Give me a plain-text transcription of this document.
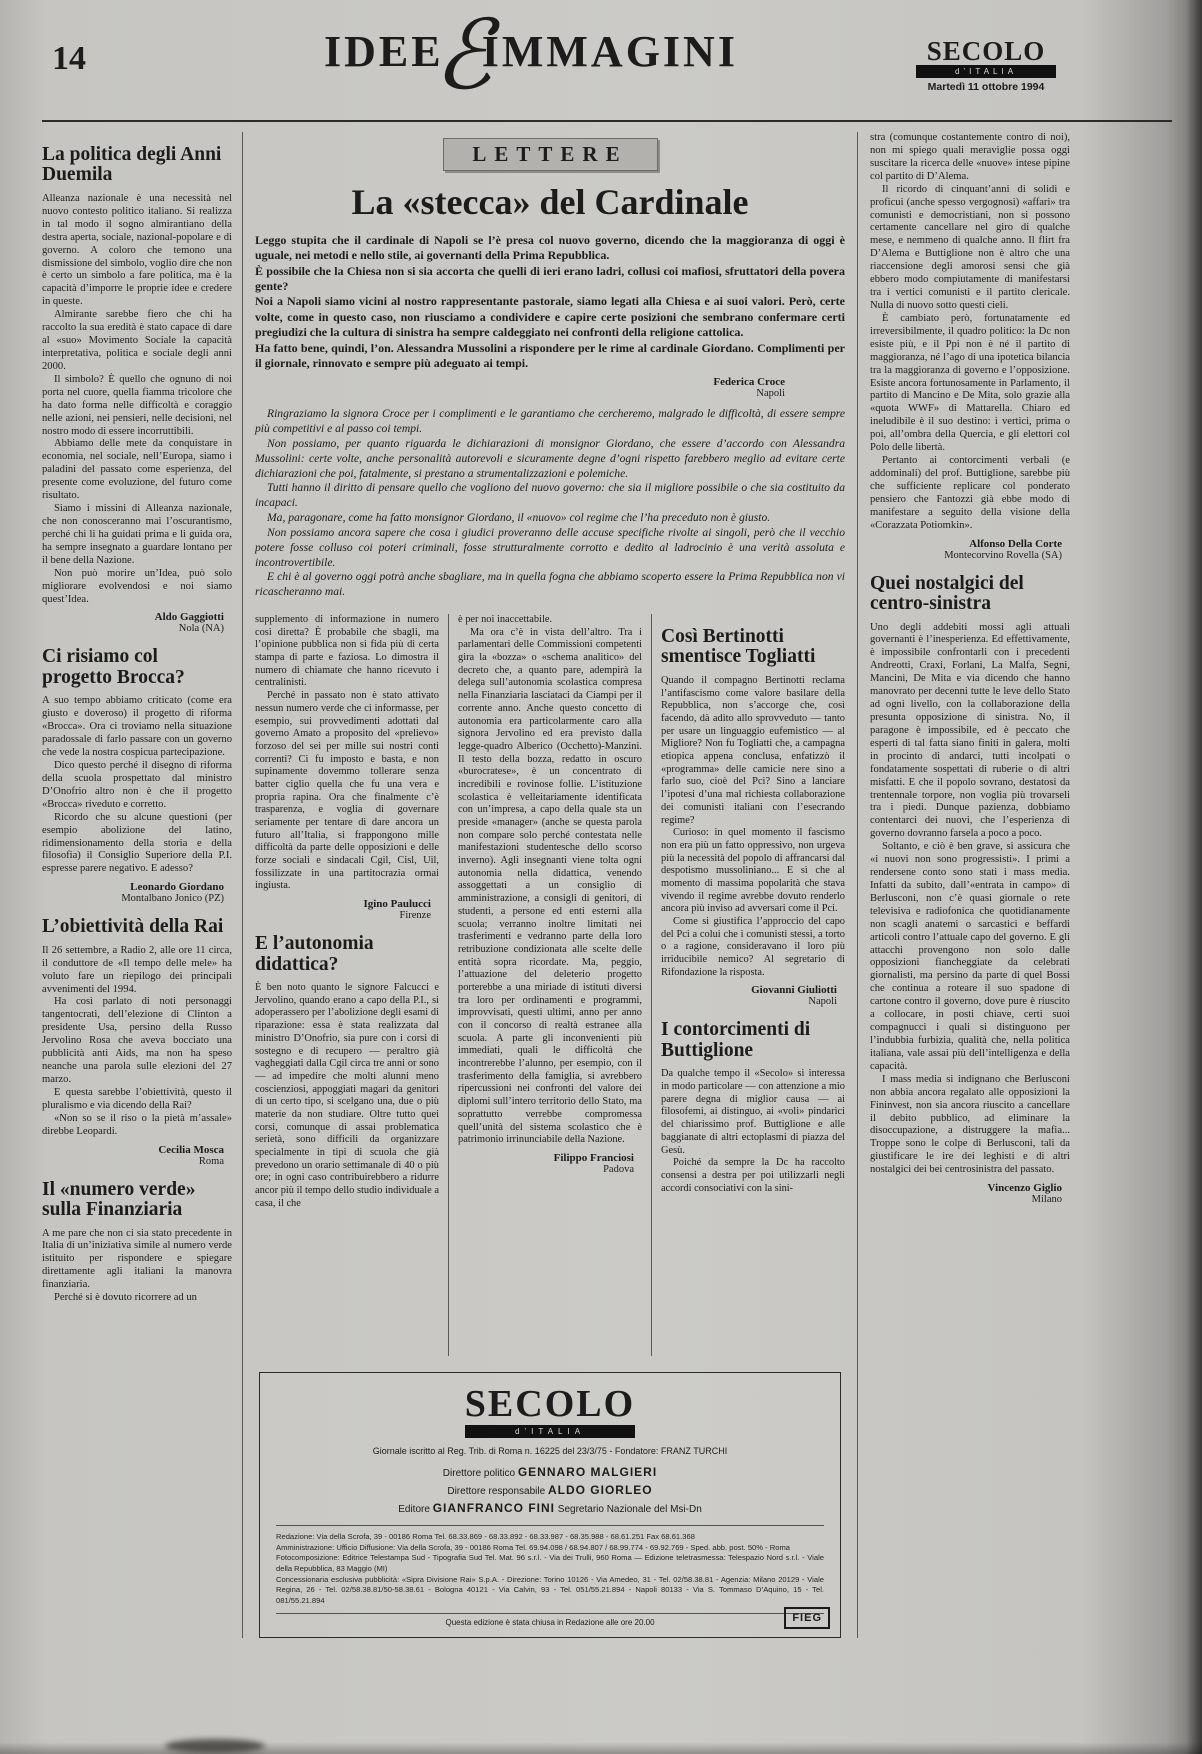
14	IDEE
ℰ
IMMAGINI	SECOLO
d’ITALIA
Martedì 11 ottobre 1994
La politica degli Anni Duemila

Alleanza nazionale è una necessità nel nuovo contesto politico italiano. Si realizza in tal modo il sogno almirantiano della destra aperta, sociale, nazional-popolare e di governo. A coloro che temono una dismissione del simbolo, voglio dire che non è certo un simbolo a fare politica, ma è la capacità d’imporre le proprie idee e credere in queste.

Almirante sarebbe fiero che chi ha raccolto la sua eredità è stato capace di dare al «suo» Movimento Sociale la capacità interpretativa, politica e sociale degli anni 2000.

Il simbolo? È quello che ognuno di noi porta nel cuore, quella fiamma tricolore che ha dato forma nelle difficoltà e coraggio nelle azioni, nei pensieri, nelle decisioni, nel nostro modo di essere incorruttibili.

Abbiamo delle mete da conquistare in economia, nel sociale, nell’Europa, siamo i paladini del passato come esperienza, del presente come evoluzione, del futuro come risultato.

Siamo i missini di Alleanza nazionale, che non conosceranno mai l’oscurantismo, perché chi li ha guidati prima e li guida ora, ha sempre insegnato a guardare lontano per il bene della Nazione.

Non può morire un’Idea, può solo migliorare evolvendosi e noi siamo quest’Idea.

Aldo Gaggiotti
Nola (NA)
Ci risiamo col progetto Brocca?

A suo tempo abbiamo criticato (come era giusto e doveroso) il progetto di riforma «Brocca». Ora ci troviamo nella situazione paradossale di farlo passare con un governo che vede la nostra cospicua partecipazione.

Dico questo perché il disegno di riforma della scuola prospettato dal ministro D’Onofrio altro non è che il progetto «Brocca» riveduto e corretto.

Ricordo che su alcune questioni (per esempio abolizione del latino, ridimensionamento della storia e della filosofia) il Consiglio Superiore della P.I. espresse parere negativo. E adesso?

Leonardo Giordano
Montalbano Jonico (PZ)
L’obiettività della Rai

Il 26 settembre, a Radio 2, alle ore 11 circa, il conduttore de «Il tempo delle mele» ha voluto fare un riepilogo dei principali avvenimenti del 1994.

Ha così parlato di noti personaggi tangentocrati, dell’elezione di Clinton a presidente Usa, persino della Russo Jervolino Rosa che aveva bocciato una pubblicità anti Aids, ma non ha speso neanche una parola sulle elezioni del 27 marzo.

E questa sarebbe l’obiettività, questo il pluralismo e via dicendo della Rai?

«Non so se il riso o la pietà m’assale» direbbe Leopardi.

Cecilia Mosca
Roma
Il «numero verde» sulla Finanziaria

A me pare che non ci sia stato precedente in Italia di un’iniziativa simile al numero verde istituito per rispondere e spiegare direttamente agli italiani la manovra finanziaria.

Perché si è dovuto ricorrere ad un

LETTERE
La «stecca» del Cardinale

Leggo stupita che il cardinale di Napoli se l’è presa col nuovo governo, dicendo che la maggioranza di oggi è uguale, nei metodi e nello stile, ai governanti della Prima Repubblica.

È possibile che la Chiesa non si sia accorta che quelli di ieri erano ladri, collusi coi mafiosi, sfruttatori della povera gente?

Noi a Napoli siamo vicini al nostro rappresentante pastorale, siamo legati alla Chiesa e ai suoi valori. Però, certe volte, come in questo caso, non riusciamo a condividere e capire certe posizioni che sembrano confermare certi pregiudizi che la cultura di sinistra ha sempre caldeggiato nei confronti della religione cattolica.

Ha fatto bene, quindi, l’on. Alessandra Mussolini a rispondere per le rime al cardinale Giordano. Complimenti per il giornale, rinnovato e sempre più adeguato ai tempi.

Federica Croce
Napoli

Ringraziamo la signora Croce per i complimenti e le garantiamo che cercheremo, malgrado le difficoltà, di essere sempre più competitivi e al passo coi tempi.

Non possiamo, per quanto riguarda le dichiarazioni di monsignor Giordano, che essere d’accordo con Alessandra Mussolini: certe volte, anche personalità autorevoli e sicuramente degne d’ogni rispetto farebbero meglio ad evitare certe dichiarazioni che poi, fatalmente, si prestano a strumentalizzazioni e polemiche.

Tutti hanno il diritto di pensare quello che vogliono del nuovo governo: che sia il migliore possibile o che sia costituito da incapaci.

Ma, paragonare, come ha fatto monsignor Giordano, il «nuovo» col regime che l’ha preceduto non è giusto.

Non possiamo ancora sapere che cosa i giudici proveranno delle accuse specifiche rivolte ai singoli, però che il vecchio potere fosse colluso coi poteri criminali, fosse strutturalmente corrotto e dedito al ladrocinio è una verità assoluta e incontrovertibile.

E chi è al governo oggi potrà anche sbagliare, ma in quella fogna che abbiamo scoperto essere la Prima Repubblica non vi ricascheranno mai.

supplemento di informazione in numero così diretta? È probabile che sbagli, ma l’opinione pubblica non si fida più di certa stampa di parte e faziosa. Lo dimostra il numero di chiamate che hanno ricevuto i centralinisti.

Perché in passato non è stato attivato nessun numero verde che ci informasse, per esempio, sui provvedimenti adottati dal governo Amato a proposito del «prelievo» forzoso del sei per mille sui nostri conti correnti? Ci fu imposto e basta, e non supinamente dovemmo tollerare senza batter ciglio quella che fu una vera e propria rapina. Ora che finalmente c’è trasparenza, e voglia di governare seriamente per tentare di dare ancora un futuro all’Italia, si frappongono mille difficoltà da parte delle opposizioni e delle forze sociali e sindacali Cgil, Cisl, Uil, fossilizzate in una partitocrazia ormai ingiusta.

Igino Paulucci
Firenze
E l’autonomia didattica?

È ben noto quanto le signore Falcucci e Jervolino, quando erano a capo della P.I., si adoperassero per l’abolizione degli esami di riparazione: essa è stata realizzata dal ministro D’Onofrio, sia pure con i corsi di sostegno e di recupero — peraltro già vagheggiati dalla Cgil circa tre anni or sono — ad impedire che molti alunni meno coscienziosi, appoggiati magari da genitori di un certo tipo, si scelgano una, due o più materie da non studiare. Oltre tutto quei corsi, comunque di assai problematica serietà, sono difficili da organizzare specialmente in tipi di scuola che già prevedono un orario settimanale di 40 o più ore; in ogni caso contribuirebbero a ridurre ancor più il tempo dello studio individuale a casa, il che

è per noi inaccettabile.

Ma ora c’è in vista dell’altro. Tra i parlamentari delle Commissioni competenti gira la «bozza» o «schema analitico» del decreto che, a quanto pare, adempirà la delega sull’autonomia scolastica compresa nella Finanziaria lasciataci da Ciampi per il corrente anno. Anche questo concetto di autonomia era particolarmente caro alla signora Jervolino ed era previsto dalla legge-quadro Alberico (Occhetto)-Manzini. Il testo della bozza, redatto in oscuro «burocratese», è un concentrato di incredibili e rovinose follie. L’istituzione scolastica è velleitariamente identificata con un’impresa, a capo della quale sta un preside «manager» (anche se questa parola non compare solo perché contestata nelle manifestazioni studentesche dello scorso inverno). Agli insegnanti viene tolta ogni autonomia nella didattica, venendo assoggettati a un consiglio di amministrazione, a consigli di genitori, di studenti, a persone ed enti esterni alla scuola; verranno inoltre limitati nei trasferimenti e vedranno parte della loro retribuzione condizionata alle scelte delle entità sopra ricordate. Ma, peggio, l’attuazione del deleterio progetto porterebbe a una miriade di istituti diversi tra loro per ordinamenti e programmi, improvvisati, questi ultimi, anno per anno con il concorso di realtà estranee alla scuola. A parte gli inconvenienti più immediati, quali le difficoltà che incontrerebbe l’alunno, per esempio, con il trasferimento della famiglia, si avrebbero ripercussioni nei confronti del valore dei diplomi sull’intero territorio dello Stato, ma soprattutto verrebbe compromessa quell’unità del sistema scolastico che è patrimonio irrinunciabile della Nazione.

Filippo Franciosi
Padova
Così Bertinotti smentisce Togliatti

Quando il compagno Bertinotti reclama l’antifascismo come valore basilare della Repubblica, non s’accorge che, così facendo, dà adito allo sprovveduto — tanto per usare un linguaggio eufemistico — al Migliore? Non fu Togliatti che, a campagna etiopica appena conclusa, enfatizzò il «programma» delle camicie nere sino a farlo suo, cioè del Pci? Sino a lanciare l’ipotesi d’una mal richiesta collaborazione dei comunisti italiani con l’esecrando regime?

Curioso: in quel momento il fascismo non era più un fatto oppressivo, non urgeva più la necessità del popolo di affrancarsi dal despotismo mussoliniano... E sì che al momento di massima popolarità che stava vivendo il regime avrebbe dovuto renderlo ancora più inviso ad avversari come il Pci.

Come si giustifica l’approccio del capo del Pci a colui che i comunisti stessi, a torto o a ragione, consideravano il loro più irriducibile nemico? Al segretario di Rifondazione la risposta.

Giovanni Giuliotti
Napoli
I contorcimenti di Buttiglione

Da qualche tempo il «Secolo» si interessa in modo particolare — con attenzione a mio parere degna di miglior causa — ai filosofemi, ai distinguo, ai «voli» pindarici del chiarissimo prof. Buttiglione e alle baggianate di altri ectoplasmi di piazza del Gesù.

Poiché da sempre la Dc ha raccolto consensi a destra per poi utilizzarli negli accordi consociativi con la sini-

SECOLO
d’ITALIA
Giornale iscritto al Reg. Trib. di Roma n. 16225 del 23/3/75 - Fondatore: FRANZ TURCHI
Direttore politico GENNARO MALGIERI
Direttore responsabile ALDO GIORLEO
Editore GIANFRANCO FINI Segretario Nazionale del Msi-Dn

Redazione: Via della Scrofa, 39 - 00186 Roma Tel. 68.33.869 - 68.33.892 - 68.33.987 - 68.35.988 - 68.61.251 Fax 68.61.368

Amministrazione: Ufficio Diffusione: Via della Scrofa, 39 - 00186 Roma Tel. 69.94.098 / 68.94.807 / 68.99.774 - 69.92.769 - Sped. abb. post. 50% - Roma

Fotocomposizione: Editrice Telestampa Sud - Tipografia Sud Tel. Mat. 96 s.r.l. - Via dei Trulli, 960 Roma — Edizione teletrasmessa: Telespazio Nord s.r.l. - Viale della Repubblica, 83 Maggio (MI)

Concessionaria esclusiva pubblicità: «Sipra Divisione Rai» S.p.A. - Direzione: Torino 10126 - Via Amedeo, 31 - Tel. 02/58.38.81 - Agenzia: Milano 20129 - Viale Regina, 26 - Tel. 02/58.38.81/50-58.38.61 - Bologna 40121 - Via Calvin, 93 - Tel. 051/55.21.894 - Napoli 80133 - Via S. Tommaso D’Aquino, 15 - Tel. 081/55.21.894

Questa edizione è stata chiusa in Redazione alle ore 20.00	FIEG

stra (comunque costantemente contro di noi), non mi spiego quali meraviglie possa oggi suscitare la ricerca delle «nuove» intese pipine col partito di D’Alema.

Il ricordo di cinquant’anni di solidi e proficui (anche spesso vergognosi) «affari» tra comunisti e democristiani, non si possono certamente cancellare nel giro di qualche mese, e nemmeno di qualche anno. Il flirt fra D’Alema e Buttiglione non è altro che una riaccensione degli amorosi sensi che già ebbero modo compiutamente di manifestarsi tra i vertici comunisti e il partito clericale. Nulla di nuovo sotto questi cieli.

È cambiato però, fortunatamente ed irreversibilmente, il quadro politico: la Dc non esiste più, e il Ppi non è né il partito di maggioranza, né l’ago di una ipotetica bilancia tra la maggioranza di governo e l’opposizione. Esiste ancora fortunosamente in Parlamento, il partito di Mancino e De Mita, solo grazie alla «quota WWF» di Mattarella. Chiaro ed ineludibile è il suo destino: i vertici, prima o poi, all’ombra della Quercia, e gli elettori col Polo delle libertà.

Pertanto ai contorcimenti verbali (e addominali) del prof. Buttiglione, sarebbe più che sufficiente replicare col ponderato pensiero che Fantozzi già ebbe modo di manifestare a seguito della visione della «Corazzata Potiomkin».

Alfonso Della Corte
Montecorvino Rovella (SA)
Quei nostalgici del centro-sinistra

Uno degli addebiti mossi agli attuali governanti è l’inesperienza. Ed effettivamente, è impossibile confrontarli con i precedenti Andreotti, Craxi, Forlani, La Malfa, Segni, Mancini, De Mita e via dicendo che hanno manovrato per decenni tutte le leve dello Stato ad ogni livello, con la collaborazione della presunta opposizione di sinistra. No, il paragone è impossibile, ed è peccato che esperti di tal fatta siano finiti in galera, molti in procinto di andarci, tutti incolpati o fondatamente sospettati di ruberie o di altri misfatti. E che il popolo sovrano, destatosi da trentennale torpore, non voglia più trovarseli tra i piedi. Dunque pazienza, dobbiamo contentarci dei nuovi, che l’esperienza di governo dovranno farsela a poco a poco.

Soltanto, e ciò è ben grave, si assicura che «i nuovi non sono progressisti». I primi a rendersene conto sono stati i mass media. Infatti da subito, dall’«entrata in campo» di Berlusconi, non c’è quasi giornale o rete televisiva e radiofonica che quotidianamente non scagli anatemi o sarcastici e beffardi articoli contro l’attuale capo del governo. E gli attacchi provengono non solo dalle opposizioni fiancheggiate da celebrati giornalisti, ma persino da parte di quel Bossi che continua a roteare il suo spadone di cartone contro il governo, dove pure è riuscito a collocare, in posti chiave, certi suoi compagnucci i quali si distinguono per l’indubbia furbizia, qualità che, nella politica italiana, vale assai più dell’intelligenza e della capacità.

I mass media si indignano che Berlusconi non abbia ancora regalato alle opposizioni la Fininvest, non sia ancora riuscito a cancellare il debito pubblico, ad eliminare la disoccupazione, a distruggere la mafia... Troppe sono le colpe di Berlusconi, tali da giustificare le ire dei leghisti e di altri nostalgici dei bei centrosinistra del passato.

Vincenzo Giglio
Milano
